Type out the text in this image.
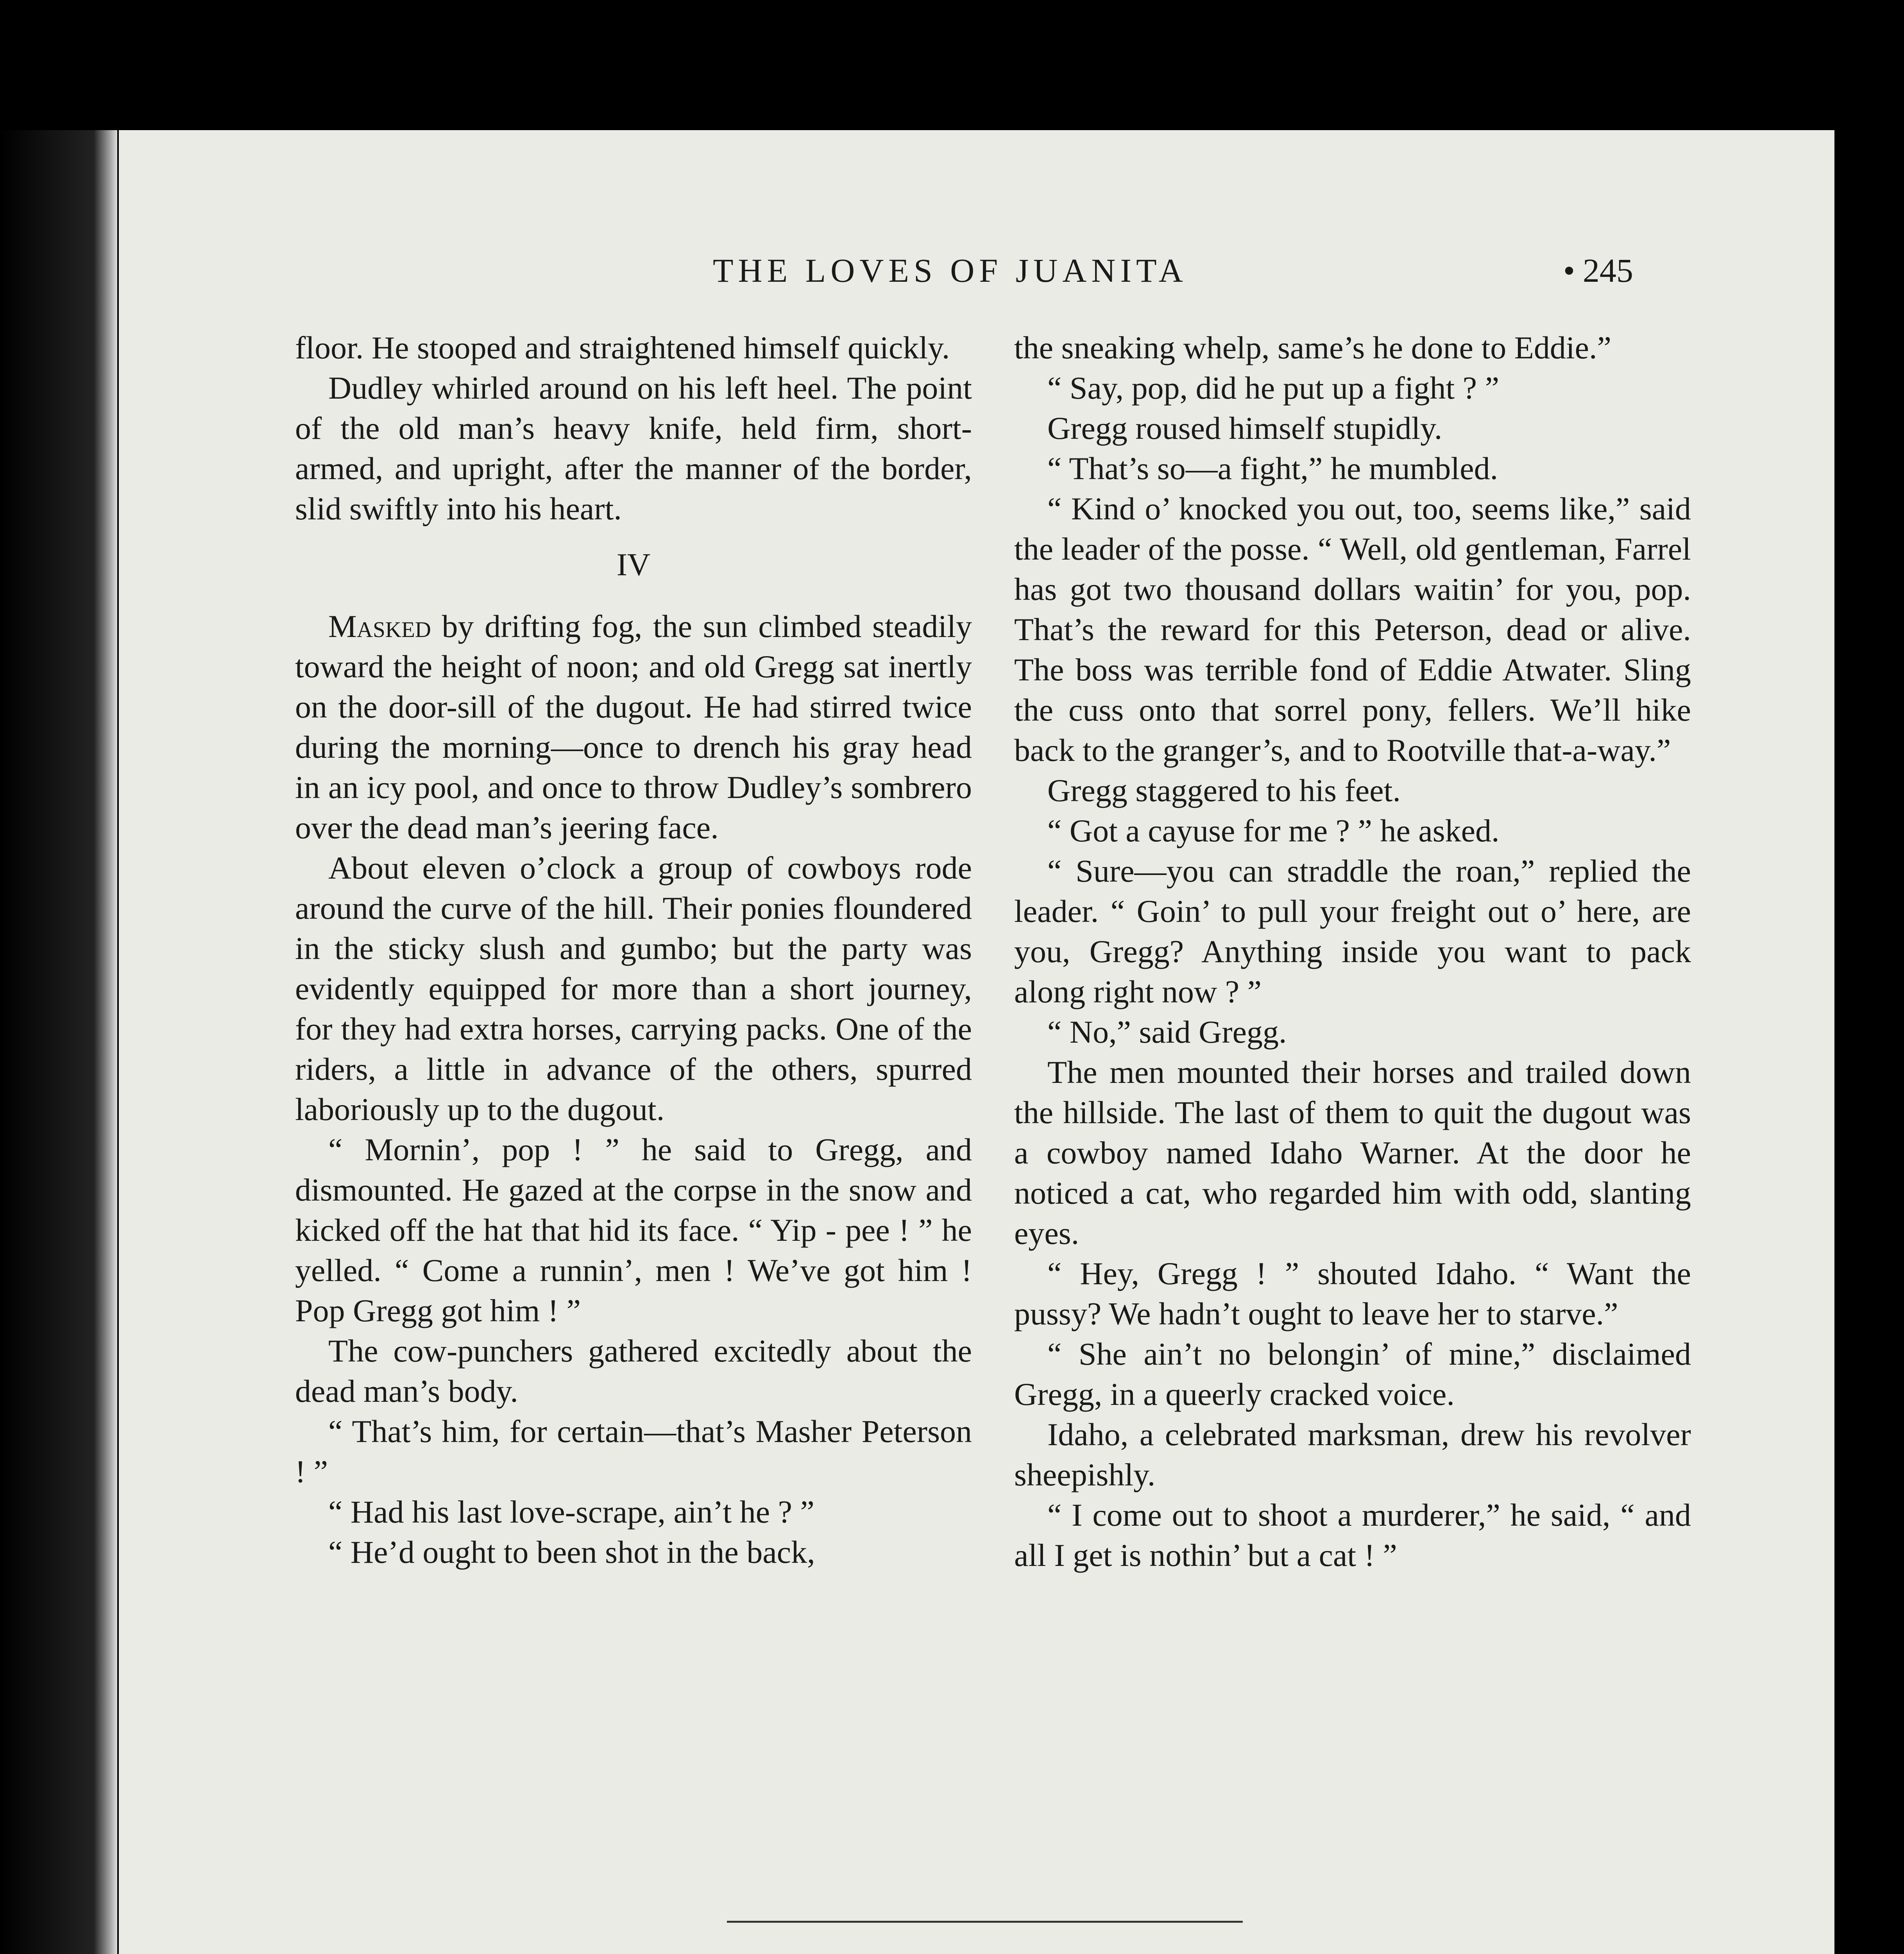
THE LOVES OF JUANITA	• 245

floor. He stooped and straightened himself quickly.

Dudley whirled around on his left heel. The point of the old man’s heavy knife, held firm, short-armed, and upright, after the manner of the border, slid swiftly into his heart.

IV

Masked by drifting fog, the sun climbed steadily toward the height of noon; and old Gregg sat inertly on the door-sill of the dugout. He had stirred twice during the morning—once to drench his gray head in an icy pool, and once to throw Dudley’s sombrero over the dead man’s jeering face.

About eleven o’clock a group of cowboys rode around the curve of the hill. Their ponies floundered in the sticky slush and gumbo; but the party was evidently equipped for more than a short journey, for they had extra horses, carrying packs. One of the riders, a little in advance of the others, spurred laboriously up to the dugout.

“ Mornin’, pop ! ” he said to Gregg, and dismounted. He gazed at the corpse in the snow and kicked off the hat that hid its face. “ Yip - pee ! ” he yelled. “ Come a runnin’, men ! We’ve got him ! Pop Gregg got him ! ”

The cow-punchers gathered excitedly about the dead man’s body.

“ That’s him, for certain—that’s Masher Peterson ! ”

“ Had his last love-scrape, ain’t he ? ”

“ He’d ought to been shot in the back,

the sneaking whelp, same’s he done to Eddie.”

“ Say, pop, did he put up a fight ? ”

Gregg roused himself stupidly.

“ That’s so—a fight,” he mumbled.

“ Kind o’ knocked you out, too, seems like,” said the leader of the posse. “ Well, old gentleman, Farrel has got two thousand dollars waitin’ for you, pop. That’s the reward for this Peterson, dead or alive. The boss was terrible fond of Eddie Atwater. Sling the cuss onto that sorrel pony, fellers. We’ll hike back to the granger’s, and to Rootville that-a-way.”

Gregg staggered to his feet.

“ Got a cayuse for me ? ” he asked.

“ Sure—you can straddle the roan,” replied the leader. “ Goin’ to pull your freight out o’ here, are you, Gregg? Anything inside you want to pack along right now ? ”

“ No,” said Gregg.

The men mounted their horses and trailed down the hillside. The last of them to quit the dugout was a cowboy named Idaho Warner. At the door he noticed a cat, who regarded him with odd, slanting eyes.

“ Hey, Gregg ! ” shouted Idaho. “ Want the pussy? We hadn’t ought to leave her to starve.”

“ She ain’t no belongin’ of mine,” disclaimed Gregg, in a queerly cracked voice.

Idaho, a celebrated marksman, drew his revolver sheepishly.

“ I come out to shoot a murderer,” he said, “ and all I get is nothin’ but a cat ! ”
